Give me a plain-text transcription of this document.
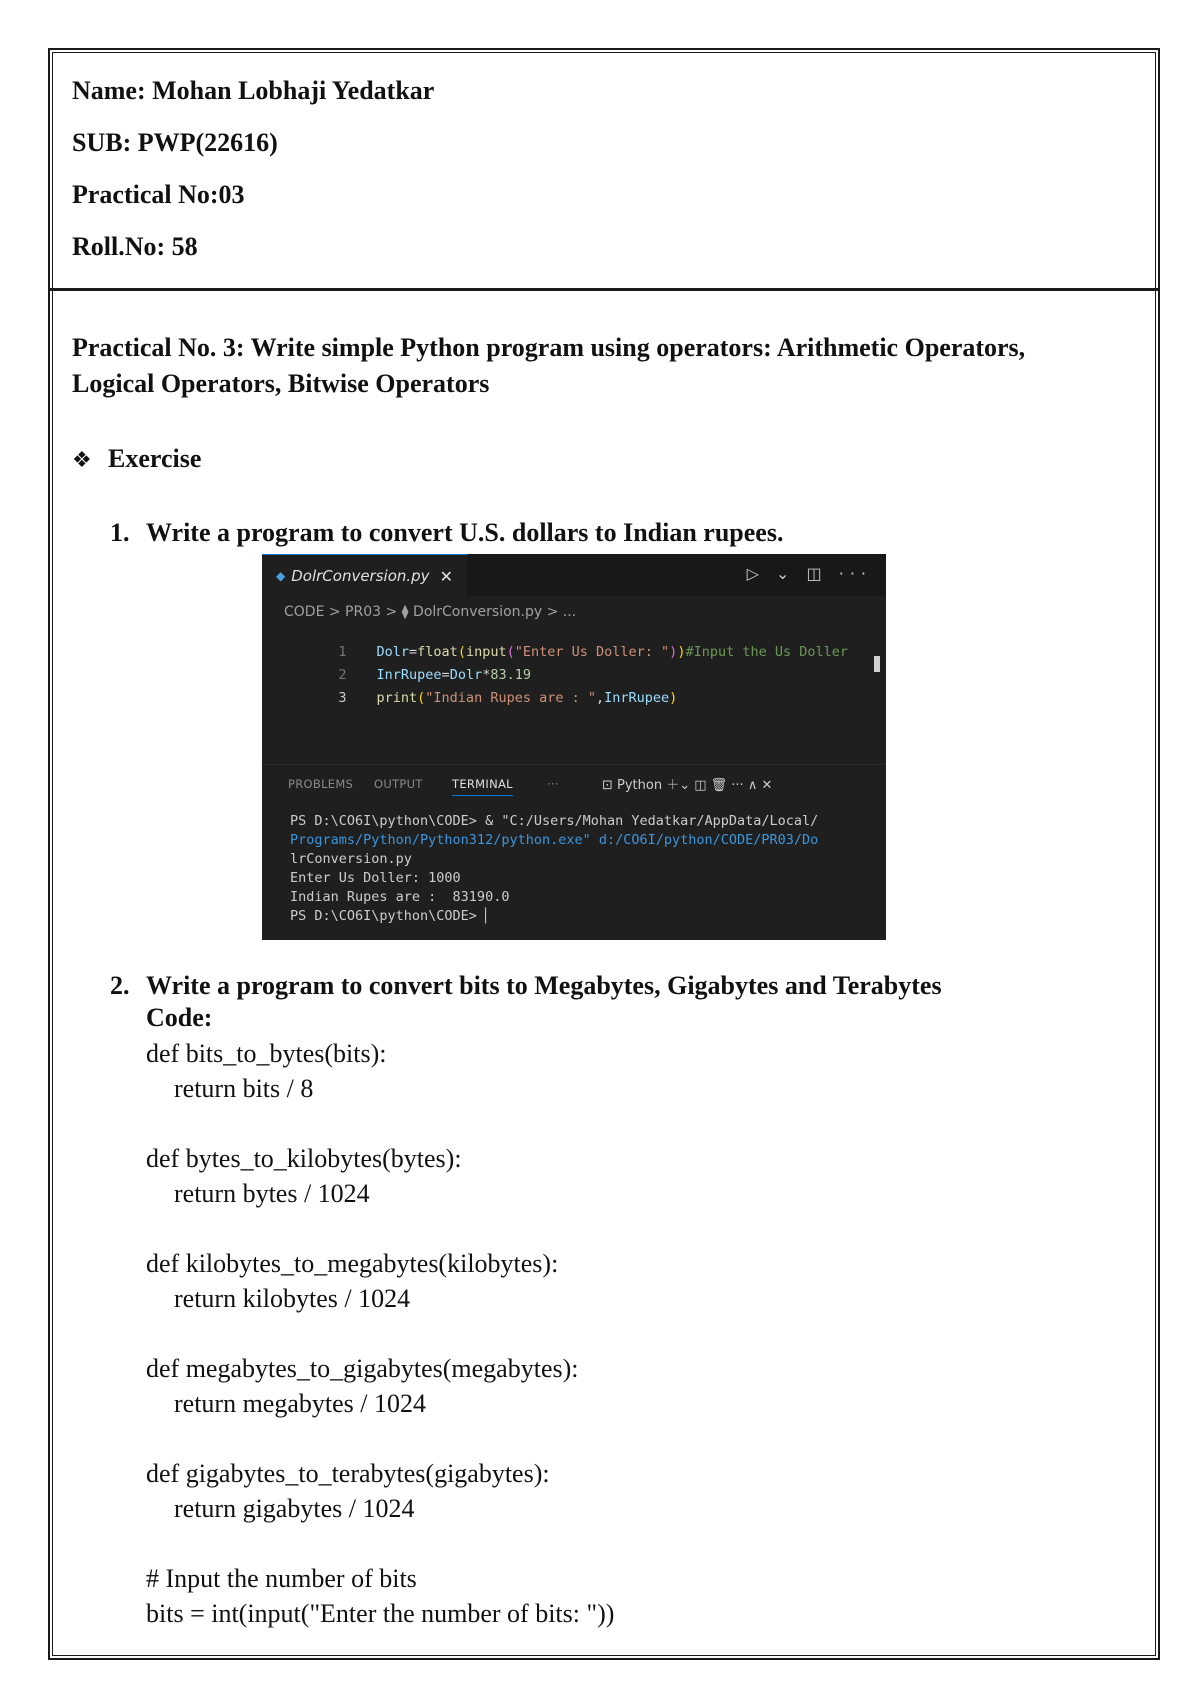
Name: Mohan Lobhaji Yedatkar
SUB: PWP(22616)
Practical No:03
Roll.No: 58
Practical No. 3: Write simple Python program using operators: Arithmetic Operators,
Logical Operators, Bitwise Operators
❖ Exercise
1. Write a program to convert U.S. dollars to Indian rupees.
◆ DolrConversion.py ✕	▷ ⌄ ◫ ···
CODE > PR03 > ⧫ DolrConversion.py > ...

1 Dolr=float(input("Enter Us Doller: "))#Input the Us Doller

2 InrRupee=Dolr*83.19

3 print("Indian Rupes are : ",InrRupee)

PROBLEMS OUTPUT	TERMINAL	···	⊡ Python ＋⌄ ◫ 🗑 ··· ∧ ✕
PS D:\CO6I\python\CODE> & "C:/Users/Mohan Yedatkar/AppData/Local/
Programs/Python/Python312/python.exe" d:/CO6I/python/CODE/PR03/Do
lrConversion.py
Enter Us Doller: 1000
Indian Rupes are :  83190.0
PS D:\CO6I\python\CODE> ▏
2. Write a program to convert bits to Megabytes, Gigabytes and Terabytes
Code:
def bits_to_bytes(bits):
return bits / 8
def bytes_to_kilobytes(bytes):
return bytes / 1024
def kilobytes_to_megabytes(kilobytes):
return kilobytes / 1024
def megabytes_to_gigabytes(megabytes):
return megabytes / 1024
def gigabytes_to_terabytes(gigabytes):
return gigabytes / 1024
# Input the number of bits
bits = int(input("Enter the number of bits: "))
